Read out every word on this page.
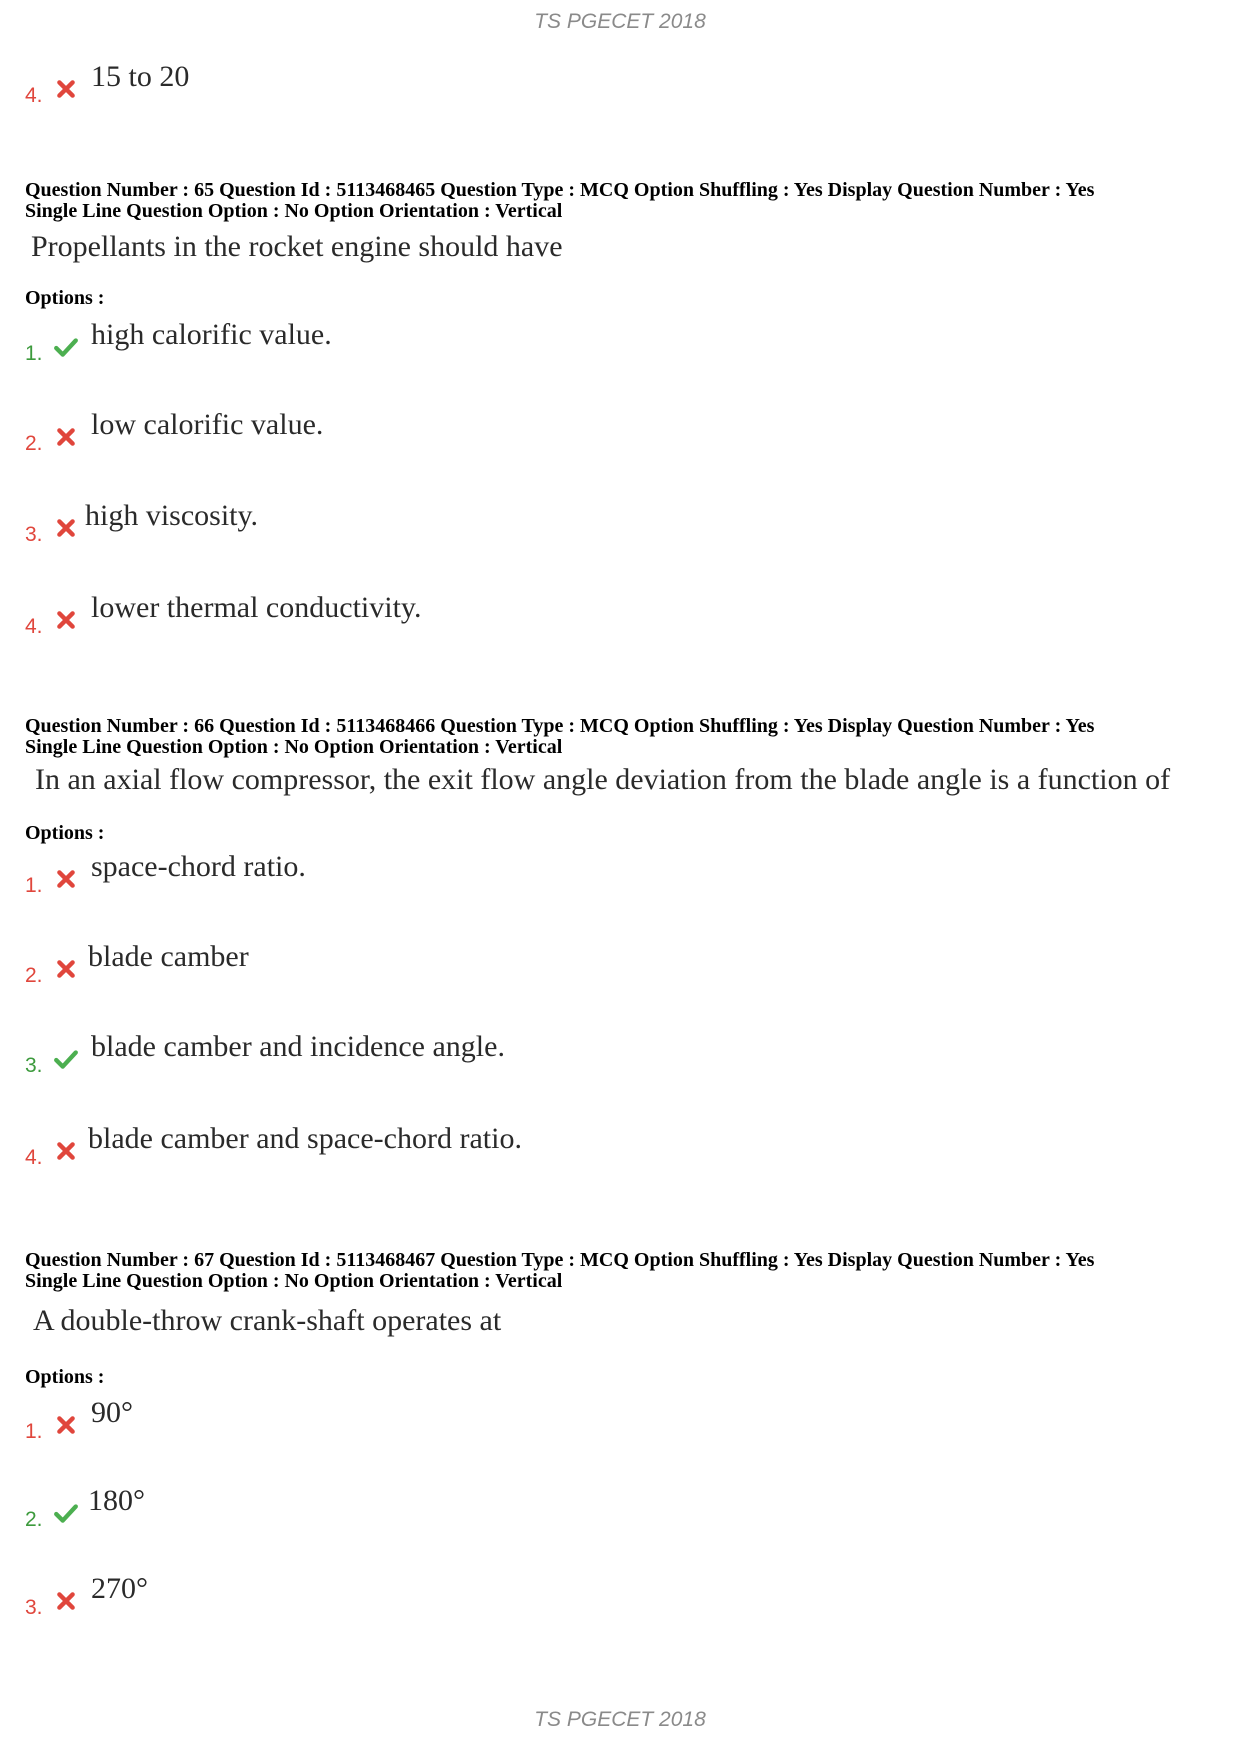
TS PGECET 2018
4.
15 to 20
Question Number : 65 Question Id : 5113468465 Question Type : MCQ Option Shuffling : Yes Display Question Number : Yes
Single Line Question Option : No Option Orientation : Vertical
Propellants in the rocket engine should have
Options :
1.
high calorific value.
2.
low calorific value.
3.
high viscosity.
4.
lower thermal conductivity.
Question Number : 66 Question Id : 5113468466 Question Type : MCQ Option Shuffling : Yes Display Question Number : Yes
Single Line Question Option : No Option Orientation : Vertical
In an axial flow compressor, the exit flow angle deviation from the blade angle is a function of
Options :
1.
space-chord ratio.
2.
blade camber
3.
blade camber and incidence angle.
4.
blade camber and space-chord ratio.
Question Number : 67 Question Id : 5113468467 Question Type : MCQ Option Shuffling : Yes Display Question Number : Yes
Single Line Question Option : No Option Orientation : Vertical
A double-throw crank-shaft operates at
Options :
1.
90°
2.
180°
3.
270°
TS PGECET 2018
